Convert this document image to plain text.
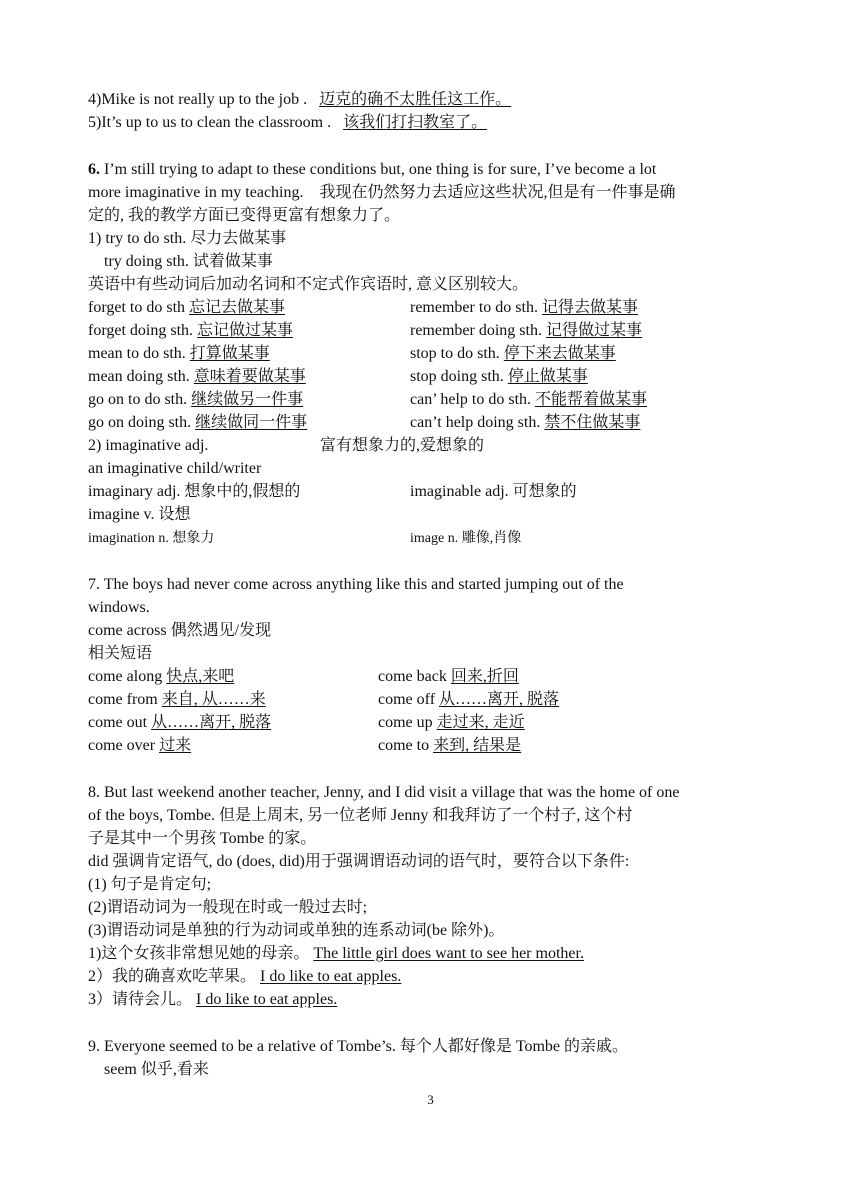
4)Mike is not really up to the job . 迈克的确不太胜任这工作。
5)It’s up to us to clean the classroom . 该我们打扫教室了。
6. I’m still trying to adapt to these conditions but, one thing is for sure, I’ve become a lot
more imaginative in my teaching.　我现在仍然努力去适应这些状况,但是有一件事是确
定的, 我的教学方面已变得更富有想象力了。
1) try to do sth. 尽力去做某事
try doing sth. 试着做某事
英语中有些动词后加动名词和不定式作宾语时, 意义区别较大。
forget to do sth 忘记去做某事	remember to do sth. 记得去做某事
forget doing sth. 忘记做过某事	remember doing sth. 记得做过某事
mean to do sth. 打算做某事	stop to do sth. 停下来去做某事
mean doing sth. 意味着要做某事	stop doing sth. 停止做某事
go on to do sth. 继续做另一件事	can’ help to do sth. 不能帮着做某事
go on doing sth. 继续做同一件事	can’t help doing sth. 禁不住做某事
2) imaginative adj.	富有想象力的,爱想象的
an imaginative child/writer
imaginary adj. 想象中的,假想的	imaginable adj. 可想象的
imagine v. 设想
imagination n. 想象力	image n. 雕像,肖像
7. The boys had never come across anything like this and started jumping out of the
windows.
come across 偶然遇见/发现
相关短语
come along 快点,来吧	come back 回来,折回
come from 来自, 从……来	come off 从……离开, 脱落
come out 从……离开, 脱落	come up 走过来, 走近
come over 过来	come to 来到, 结果是
8. But last weekend another teacher, Jenny, and I did visit a village that was the home of one
of the boys, Tombe. 但是上周末, 另一位老师 Jenny 和我拜访了一个村子, 这个村
子是其中一个男孩 Tombe 的家。
did 强调肯定语气, do (does, did)用于强调谓语动词的语气时，要符合以下条件:
(1) 句子是肯定句;
(2)谓语动词为一般现在时或一般过去时;
(3)谓语动词是单独的行为动词或单独的连系动词(be 除外)。
1)这个女孩非常想见她的母亲。 The little girl does want to see her mother.
2）我的确喜欢吃苹果。 I do like to eat apples.
3）请待会儿。 I do like to eat apples.
9. Everyone seemed to be a relative of Tombe’s. 每个人都好像是 Tombe 的亲戚。
seem 似乎,看来
3
